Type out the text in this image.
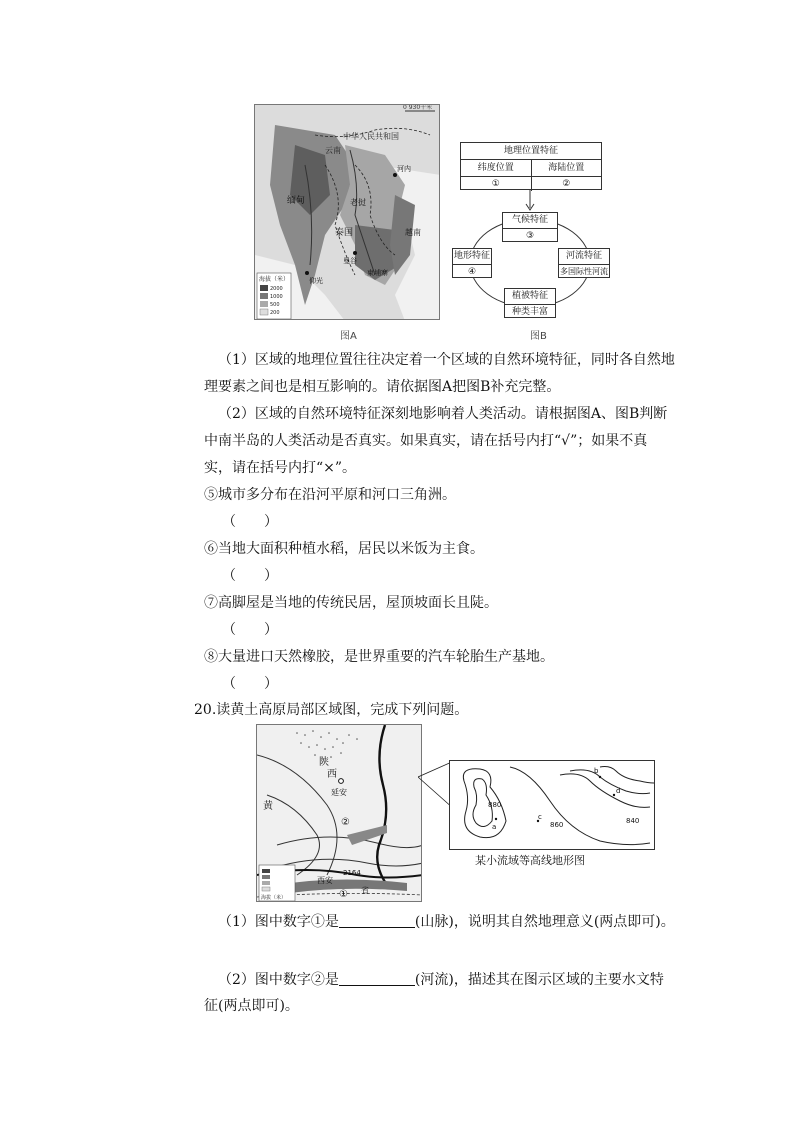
0 930千米
中华人民共和国
云南
缅甸	老挝
泰国
河内
曼谷
柬埔寨
越南
仰光
海拔（米）
2000
1000
500
200
图A
地理位置特征
纬度位置	海陆位置
①	②
气候特征
③
地形特征
④
河流特征
多国际性河流
植被特征
种类丰富
图B
（1）区域的地理位置往往决定着一个区域的自然环境特征，同时各自然地
理要素之间也是相互影响的。请依据图A把图B补充完整。
（2）区域的自然环境特征深刻地影响着人类活动。请根据图A、图B判断
中南半岛的人类活动是否真实。如果真实，请在括号内打“√”；如果不真
实，请在括号内打“×”。
⑤城市多分布在沿河平原和河口三角洲。
（　　）
⑥当地大面积种植水稻，居民以米饭为主食。
（　　）
⑦高脚屋是当地的传统民居，屋顶坡面长且陡。
（　　）
⑧大量进口天然橡胶，是世界重要的汽车轮胎生产基地。
（　　）
20.读黄土高原局部区域图，完成下列问题。
海拔（米）
陕
西
黄
延安
西安
2164
省
①
②
880
a
c
860
b
d
840
某小流域等高线地形图
（1）图中数字①是	(山脉)，说明其自然地理意义(两点即可)。
（2）图中数字②是	(河流)，描述其在图示区域的主要水文特
征(两点即可)。
